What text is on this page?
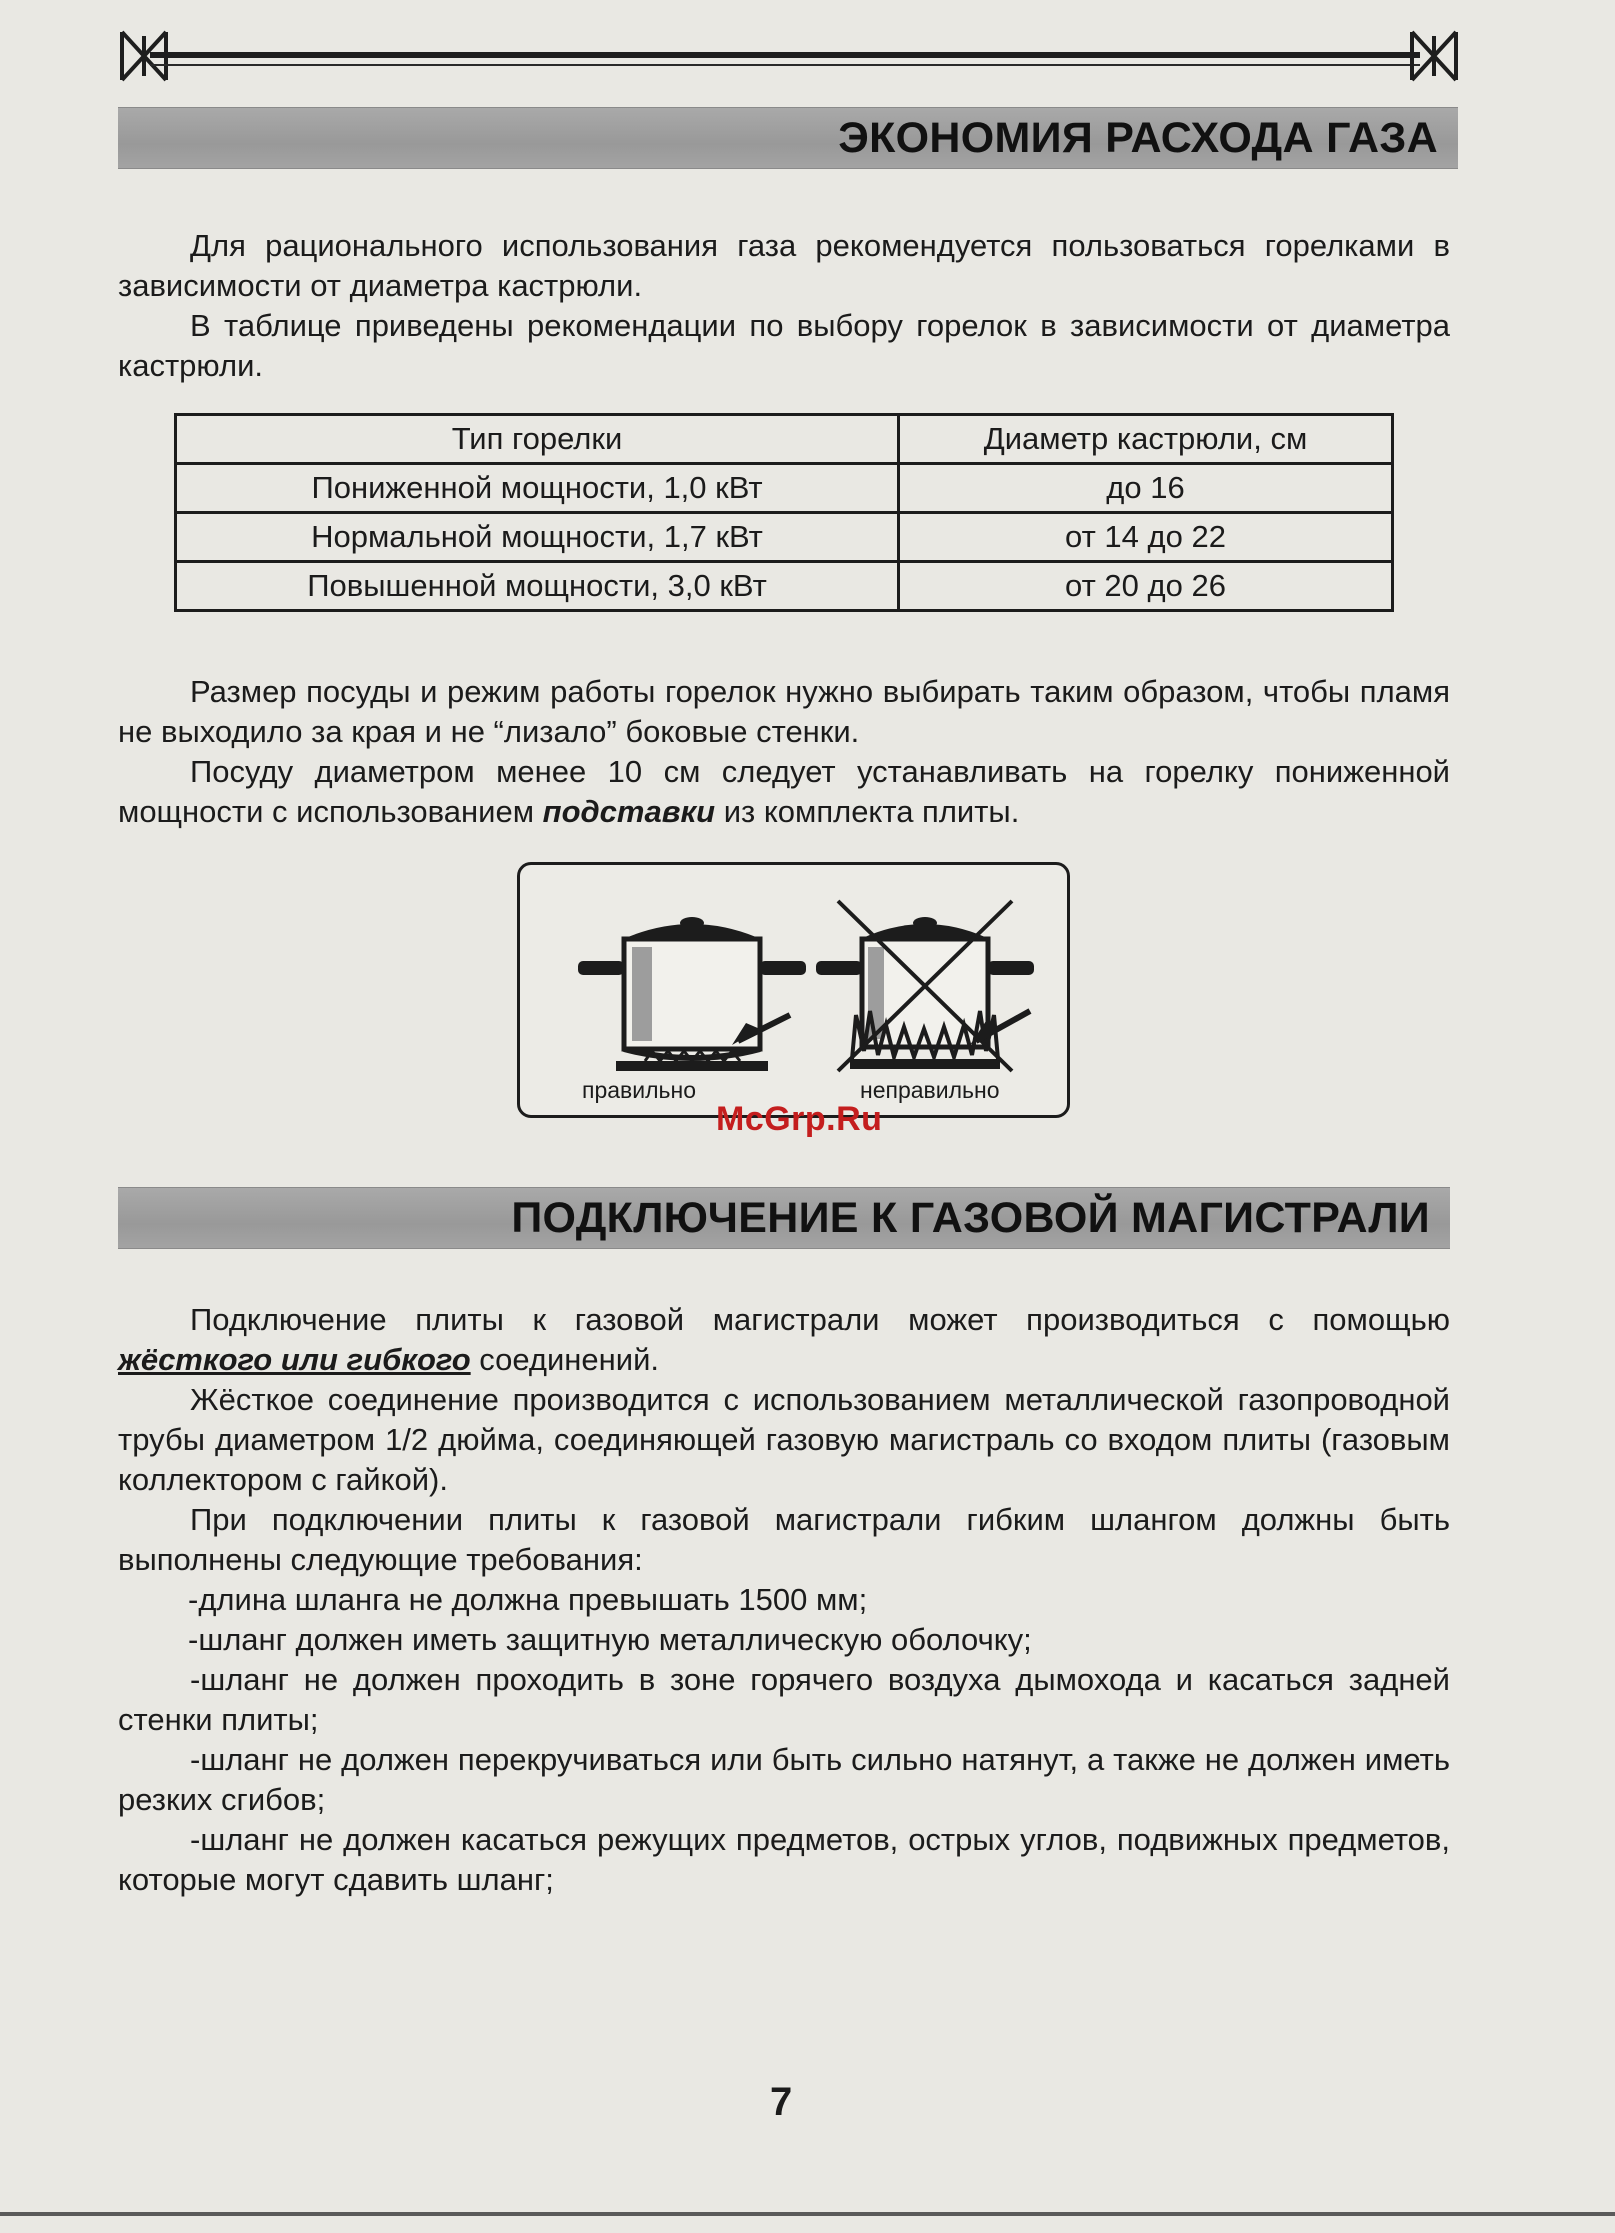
ЭКОНОМИЯ РАСХОДА ГАЗА

Для рационального использования газа рекомендуется пользоваться горелками в зависимости от диаметра кастрюли.

В таблице приведены рекомендации по выбору горелок в зависимости от диаметра кастрюли.

Тип горелки	Диаметр кастрюли, см
Пониженной мощности, 1,0 кВт	до 16
Нормальной мощности, 1,7 кВт	от 14 до 22
Повышенной мощности, 3,0 кВт	от 20 до 26

Размер посуды и режим работы горелок нужно выбирать таким образом, чтобы пламя не выходило за края и не “лизало” боковые стенки.

Посуду диаметром менее 10 см следует устанавливать на горелку пониженной мощности с использованием подставки из комплекта плиты.

правильно	неправильно
McGrp.Ru
ПОДКЛЮЧЕНИЕ К ГАЗОВОЙ МАГИСТРАЛИ

Подключение плиты к газовой магистрали может производиться с помощью жёсткого или гибкого соединений.

Жёсткое соединение производится с использованием металлической газопроводной трубы диаметром 1/2 дюйма, соединяющей газовую магистраль со входом плиты (газовым коллектором с гайкой).

При подключении плиты к газовой магистрали гибким шлангом должны быть выполнены следующие требования:

-длина шланга не должна превышать 1500 мм;

-шланг должен иметь защитную металлическую оболочку;

-шланг не должен проходить в зоне горячего воздуха дымохода и касаться задней стенки плиты;

-шланг не должен перекручиваться или быть сильно натянут, а также не должен иметь резких сгибов;

-шланг не должен касаться режущих предметов, острых углов, подвижных предметов, которые могут сдавить шланг;

7
